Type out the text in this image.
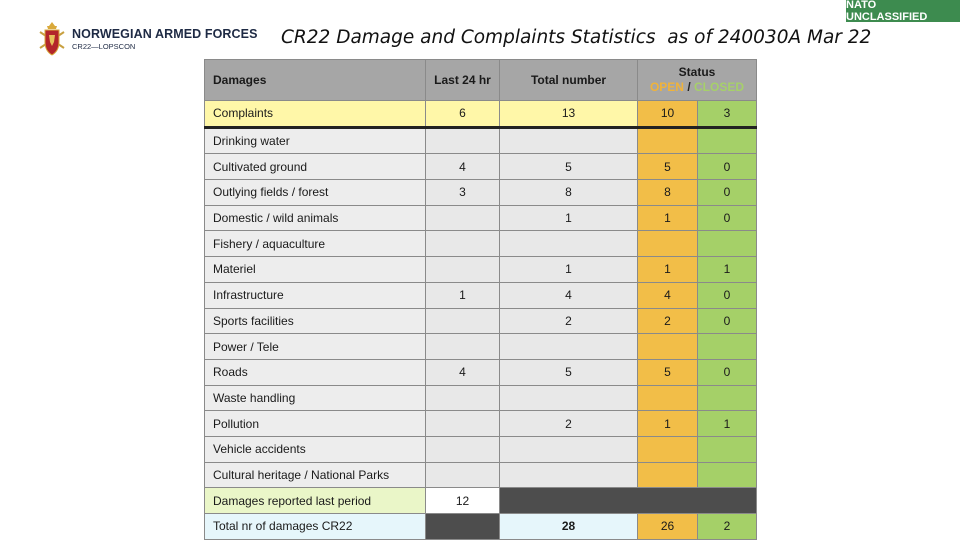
NATO UNCLASSIFIED
NORWEGIAN ARMED FORCES
CR22—LOPSCON	CR22 Damage and Complaints Statistics  as of 240030A Mar 22
Damages	Last 24 hr	Total number	Status
OPEN / CLOSED	

Complaints	6	13	10	3
Drinking water				
Cultivated ground	4	5	5	0
Outlying fields / forest	3	8	8	0
Domestic / wild animals		1	1	0
Fishery / aquaculture				
Materiel		1	1	1
Infrastructure	1	4	4	0
Sports facilities		2	2	0
Power / Tele				
Roads	4	5	5	0
Waste handling				
Pollution		2	1	1
Vehicle accidents				
Cultural heritage / National Parks				
Damages reported last period	12			
Total nr of damages CR22		28	26	2
